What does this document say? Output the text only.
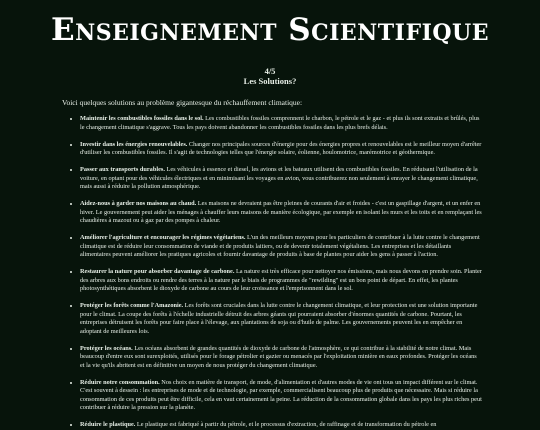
Enseignement Scientifique
4/5
Les Solutions?

Voici quelques solutions au problème gigantesque du réchauffement climatique:

• Maintenir les combustibles fossiles dans le sol. Les combustibles fossiles comprennent le charbon, le pétrole et le gaz - et plus ils sont extraits et brûlés, plus le changement climatique s'aggrave. Tous les pays doivent abandonner les combustibles fossiles dans les plus brefs délais.
• Investir dans les énergies renouvelables. Changer nos principales sources d'énergie pour des énergies propres et renouvelables est le meilleur moyen d'arrêter d'utiliser les combustibles fossiles. Il s'agit de technologies telles que l'énergie solaire, éolienne, houlomotrice, marémotrice et géothermique.
• Passer aux transports durables. Les véhicules à essence et diesel, les avions et les bateaux utilisent des combustibles fossiles. En réduisant l'utilisation de la voiture, en optant pour des véhicules électriques et en minimisant les voyages en avion, vous contribuerez non seulement à enrayer le changement climatique, mais aussi à réduire la pollution atmosphérique.
• Aidez-nous à garder nos maisons au chaud. Les maisons ne devraient pas être pleines de courants d'air et froides - c'est un gaspillage d'argent, et un enfer en hiver. Le gouvernement peut aider les ménages à chauffer leurs maisons de manière écologique, par exemple en isolant les murs et les toits et en remplaçant les chaudières à mazout ou à gaz par des pompes à chaleur.
• Améliorer l'agriculture et encourager les régimes végétariens. L'un des meilleurs moyens pour les particuliers de contribuer à la lutte contre le changement climatique est de réduire leur consommation de viande et de produits laitiers, ou de devenir totalement végétaliens. Les entreprises et les détaillants alimentaires peuvent améliorer les pratiques agricoles et fournir davantage de produits à base de plantes pour aider les gens à passer à l'action.
• Restaurer la nature pour absorber davantage de carbone. La nature est très efficace pour nettoyer nos émissions, mais nous devons en prendre soin. Planter des arbres aux bons endroits ou rendre des terres à la nature par le biais de programmes de "rewilding" est un bon point de départ. En effet, les plantes photosynthétiques absorbent le dioxyde de carbone au cours de leur croissance et l'emprisonnent dans le sol.
• Protéger les forêts comme l'Amazonie. Les forêts sont cruciales dans la lutte contre le changement climatique, et leur protection est une solution importante pour le climat. La coupe des forêts à l'échelle industrielle détruit des arbres géants qui pourraient absorber d'énormes quantités de carbone. Pourtant, les entreprises détruisent les forêts pour faire place à l'élevage, aux plantations de soja ou d'huile de palme. Les gouvernements peuvent les en empêcher en adoptant de meilleures lois.
• Protéger les océans. Les océans absorbent de grandes quantités de dioxyde de carbone de l'atmosphère, ce qui contribue à la stabilité de notre climat. Mais beaucoup d'entre eux sont surexploités, utilisés pour le forage pétrolier et gazier ou menacés par l'exploitation minière en eaux profondes. Protéger les océans et la vie qu'ils abritent est en définitive un moyen de nous protéger du changement climatique.
• Réduire notre consommation. Nos choix en matière de transport, de mode, d'alimentation et d'autres modes de vie ont tous un impact différent sur le climat. C'est souvent à dessein : les entreprises de mode et de technologie, par exemple, commercialisent beaucoup plus de produits que nécessaire. Mais si réduire la consommation de ces produits peut être difficile, cela en vaut certainement la peine. La réduction de la consommation globale dans les pays les plus riches peut contribuer à réduire la pression sur la planète.
• Réduire le plastique. Le plastique est fabriqué à partir du pétrole, et le processus d'extraction, de raffinage et de transformation du pétrole en
